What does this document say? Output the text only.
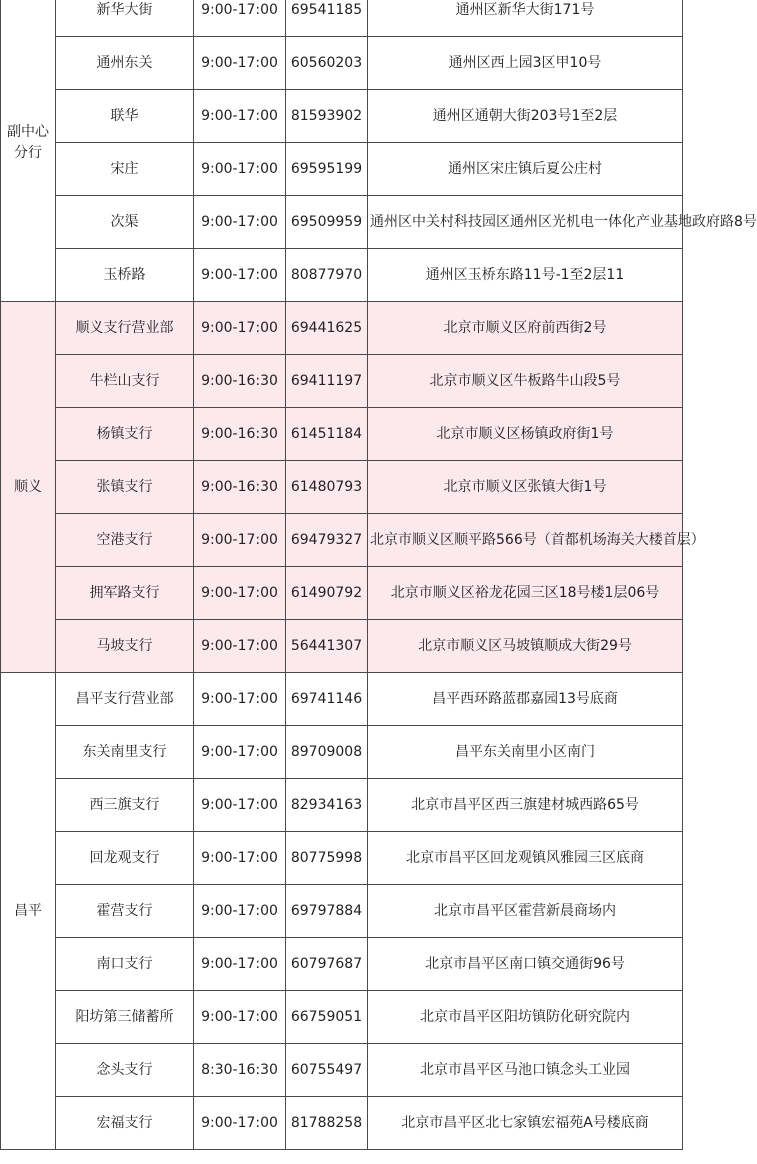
副中心分行	新华大街	9:00-17:00	69541185	通州区新华大街171号
	通州东关	9:00-17:00	60560203	通州区西上园3区甲10号
	联华	9:00-17:00	81593902	通州区通朝大街203号1至2层
	宋庄	9:00-17:00	69595199	通州区宋庄镇后夏公庄村
	次渠	9:00-17:00	69509959	通州区中关村科技园区通州区光机电一体化产业基地政府路8号
	玉桥路	9:00-17:00	80877970	通州区玉桥东路11号-1至2层11
顺义	顺义支行营业部	9:00-17:00	69441625	北京市顺义区府前西街2号
	牛栏山支行	9:00-16:30	69411197	北京市顺义区牛板路牛山段5号
	杨镇支行	9:00-16:30	61451184	北京市顺义区杨镇政府街1号
	张镇支行	9:00-16:30	61480793	北京市顺义区张镇大街1号
	空港支行	9:00-17:00	69479327	北京市顺义区顺平路566号（首都机场海关大楼首层）
	拥军路支行	9:00-17:00	61490792	北京市顺义区裕龙花园三区18号楼1层06号
	马坡支行	9:00-17:00	56441307	北京市顺义区马坡镇顺成大街29号
昌平	昌平支行营业部	9:00-17:00	69741146	昌平西环路蓝郡嘉园13号底商
	东关南里支行	9:00-17:00	89709008	昌平东关南里小区南门
	西三旗支行	9:00-17:00	82934163	北京市昌平区西三旗建材城西路65号
	回龙观支行	9:00-17:00	80775998	北京市昌平区回龙观镇风雅园三区底商
	霍营支行	9:00-17:00	69797884	北京市昌平区霍营新晨商场内
	南口支行	9:00-17:00	60797687	北京市昌平区南口镇交通街96号
	阳坊第三储蓄所	9:00-17:00	66759051	北京市昌平区阳坊镇防化研究院内
	念头支行	8:30-16:30	60755497	北京市昌平区马池口镇念头工业园
	宏福支行	9:00-17:00	81788258	北京市昌平区北七家镇宏福苑A号楼底商
